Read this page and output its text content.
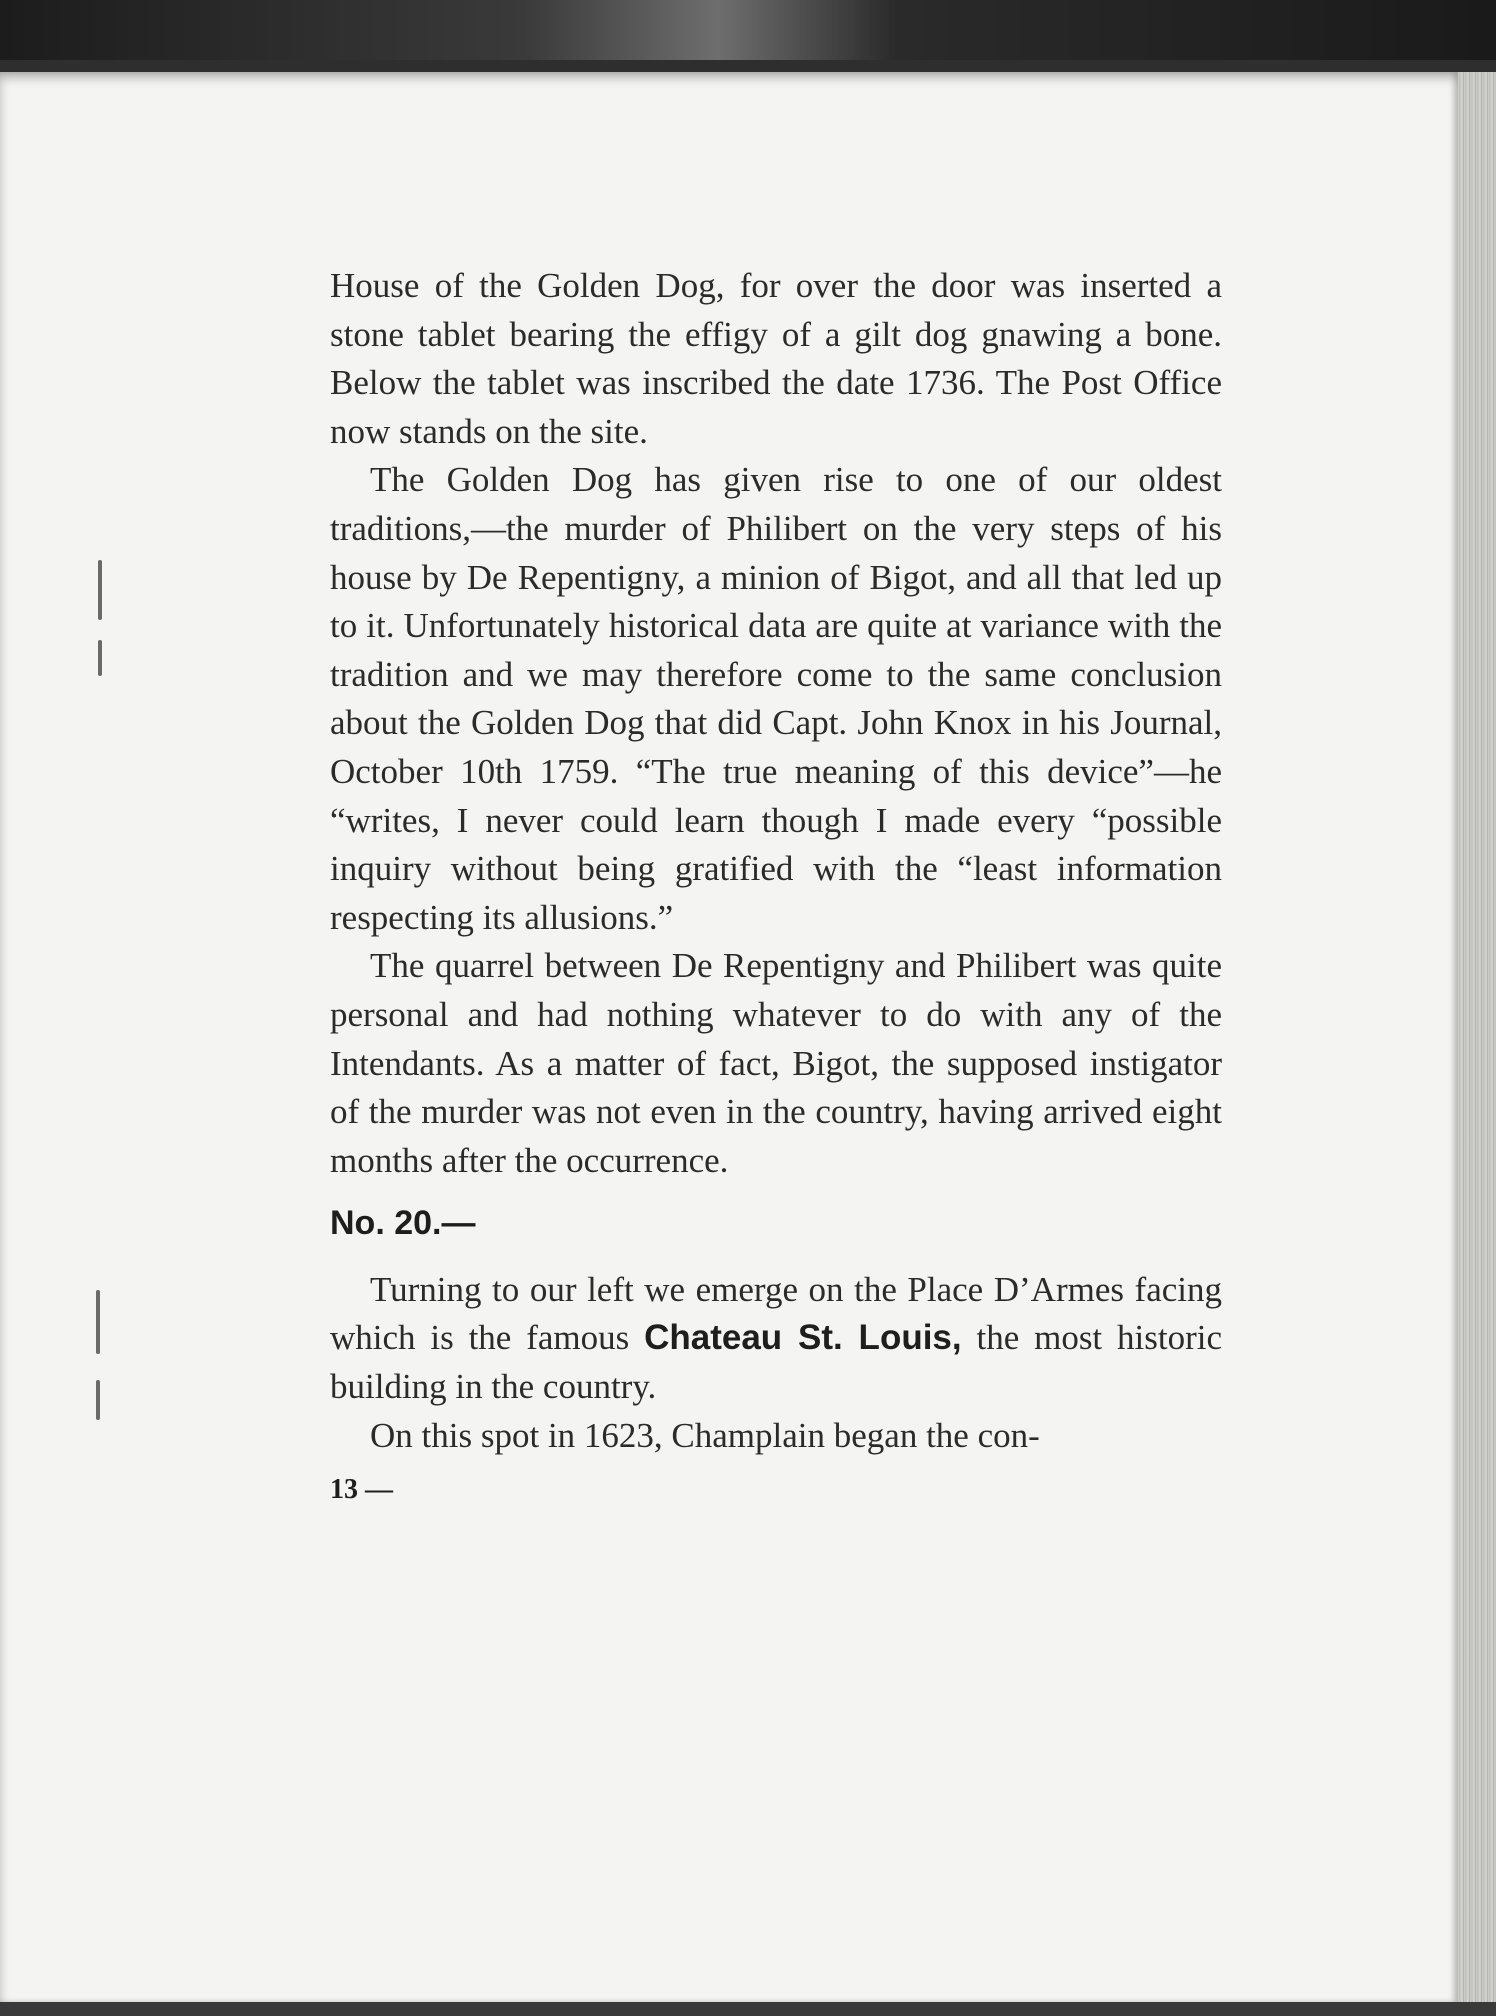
House of the Golden Dog, for over the door was inserted a stone tablet bearing the effigy of a gilt dog gnawing a bone. Below the tablet was inscribed the date 1736. The Post Office now stands on the site.

The Golden Dog has given rise to one of our oldest traditions,—the murder of Philibert on the very steps of his house by De Repentigny, a minion of Bigot, and all that led up to it. Unfortunately historical data are quite at variance with the tradition and we may therefore come to the same conclusion about the Golden Dog that did Capt. John Knox in his Journal, October 10th 1759. “The true meaning of this device”—he “writes, I never could learn though I made every “possible inquiry without being gratified with the “least information respecting its allusions.”

The quarrel between De Repentigny and Philibert was quite personal and had nothing whatever to do with any of the Intendants. As a matter of fact, Bigot, the supposed instigator of the murder was not even in the country, having arrived eight months after the occurrence.

No. 20.—

Turning to our left we emerge on the Place D’Armes facing which is the famous Chateau St. Louis, the most historic building in the country.

On this spot in 1623, Champlain began the con-

13 —
